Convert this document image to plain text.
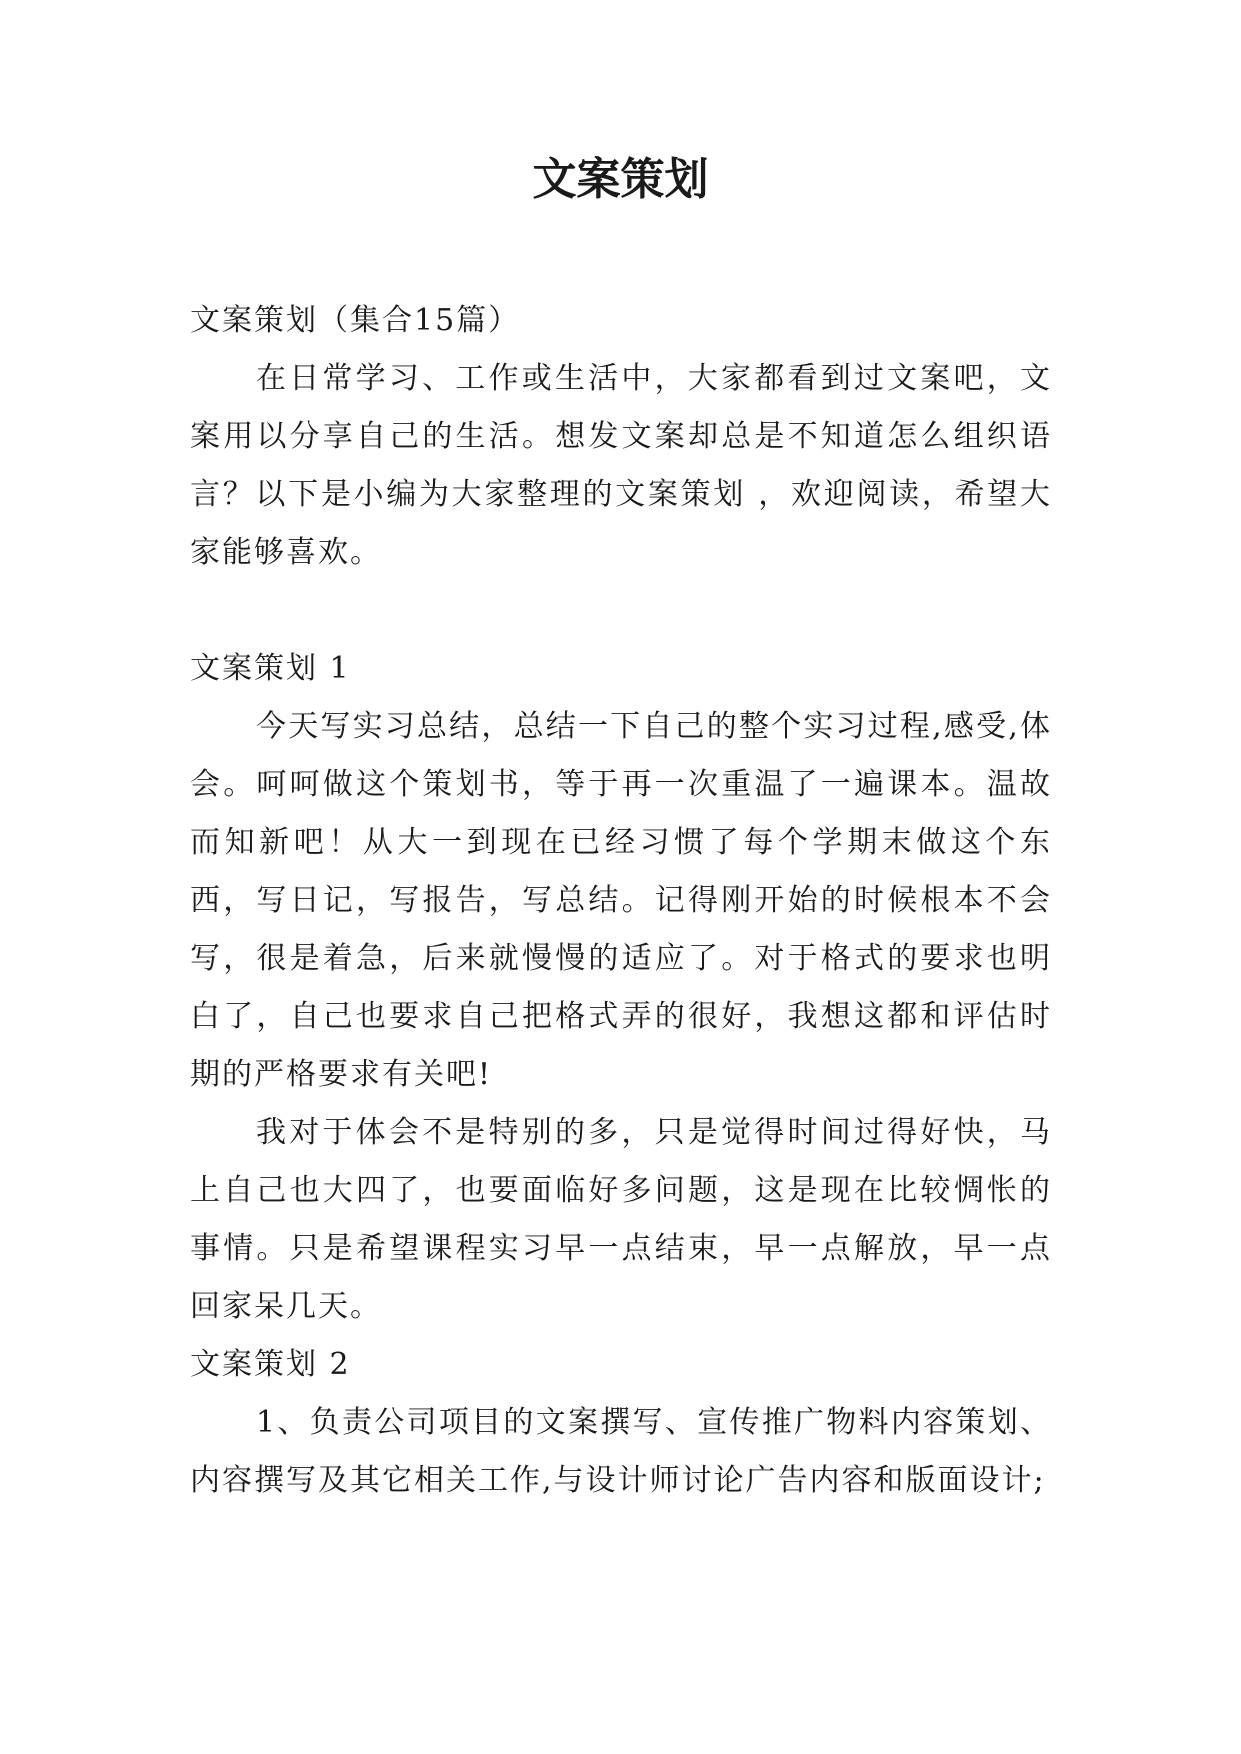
文案策划

文案策划（集合15篇）

在日常学习、工作或生活中，大家都看到过文案吧，文案用以分享自己的生活。想发文案却总是不知道怎么组织语言？以下是小编为大家整理的文案策划 ，欢迎阅读，希望大家能够喜欢。

文案策划 1

今天写实习总结，总结一下自己的整个实习过程,感受,体会。呵呵做这个策划书，等于再一次重温了一遍课本。温故而知新吧！从大一到现在已经习惯了每个学期末做这个东西，写日记，写报告，写总结。记得刚开始的时候根本不会写，很是着急，后来就慢慢的适应了。对于格式的要求也明白了，自己也要求自己把格式弄的很好，我想这都和评估时期的严格要求有关吧!

我对于体会不是特别的多，只是觉得时间过得好快，马上自己也大四了，也要面临好多问题，这是现在比较惆怅的事情。只是希望课程实习早一点结束，早一点解放，早一点回家呆几天。

文案策划 2

1、负责公司项目的文案撰写、宣传推广物料内容策划、内容撰写及其它相关工作,与设计师讨论广告内容和版面设计;
